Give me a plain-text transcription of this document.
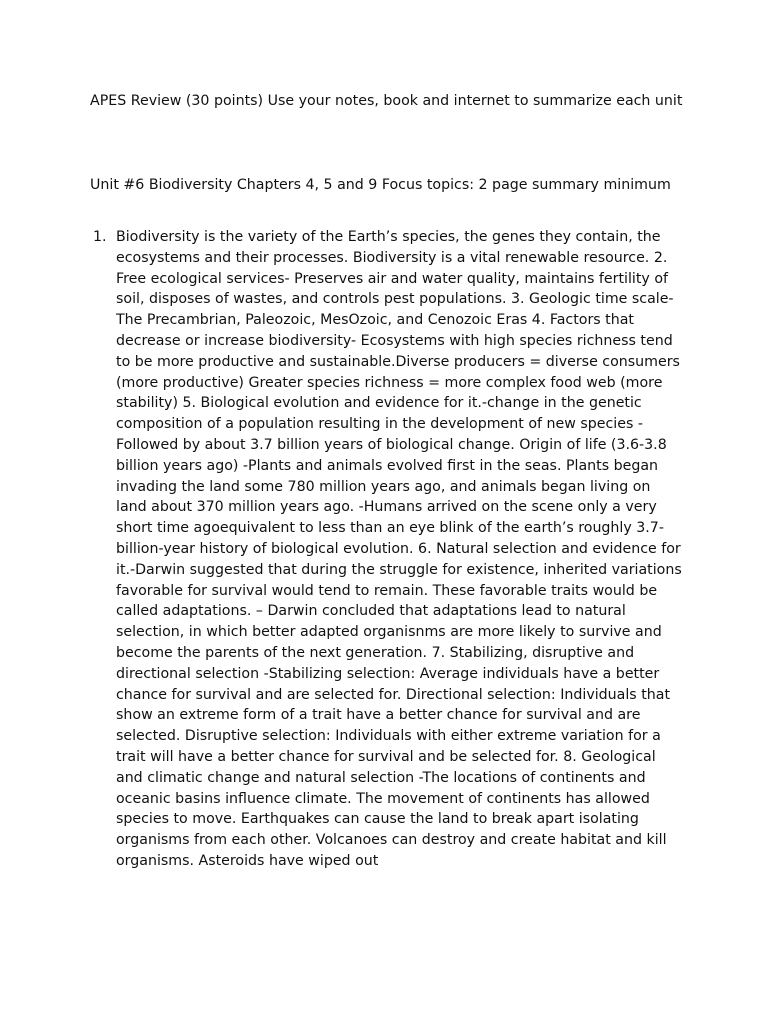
APES Review (30 points) Use your notes, book and internet to summarize each unit

Unit #6 Biodiversity Chapters 4, 5 and 9 Focus topics: 2 page summary minimum

1. Biodiversity is the variety of the Earth’s species, the genes they contain, the ecosystems and their processes. Biodiversity is a vital renewable resource. 2. Free ecological services- Preserves air and water quality, maintains fertility of soil, disposes of wastes, and controls pest populations. 3. Geologic time scale- The Precambrian, Paleozoic, MesOzoic, and Cenozoic Eras 4. Factors that decrease or increase biodiversity- Ecosystems with high species richness tend to be more productive and sustainable.Diverse producers = diverse consumers (more productive) Greater species richness = more complex food web (more stability) 5. Biological evolution and evidence for it.-change in the genetic composition of a population resulting in the development of new species -Followed by about 3.7 billion years of biological change. Origin of life (3.6-3.8 billion years ago) -Plants and animals evolved first in the seas. Plants began invading the land some 780 million years ago, and animals began living on land about 370 million years ago. -Humans arrived on the scene only a very short time agoequivalent to less than an eye blink of the earth’s roughly 3.7-billion-year history of biological evolution. 6. Natural selection and evidence for it.-Darwin suggested that during the struggle for existence, inherited variations favorable for survival would tend to remain. These favorable traits would be called adaptations. – Darwin concluded that adaptations lead to natural selection, in which better adapted organisnms are more likely to survive and become the parents of the next generation. 7. Stabilizing, disruptive and directional selection -Stabilizing selection: Average individuals have a better chance for survival and are selected for. Directional selection: Individuals that show an extreme form of a trait have a better chance for survival and are selected. Disruptive selection: Individuals with either extreme variation for a trait will have a better chance for survival and be selected for. 8. Geological and climatic change and natural selection -The locations of continents and oceanic basins influence climate. The movement of continents has allowed species to move. Earthquakes can cause the land to break apart isolating organisms from each other. Volcanoes can destroy and create habitat and kill organisms. Asteroids have wiped out
